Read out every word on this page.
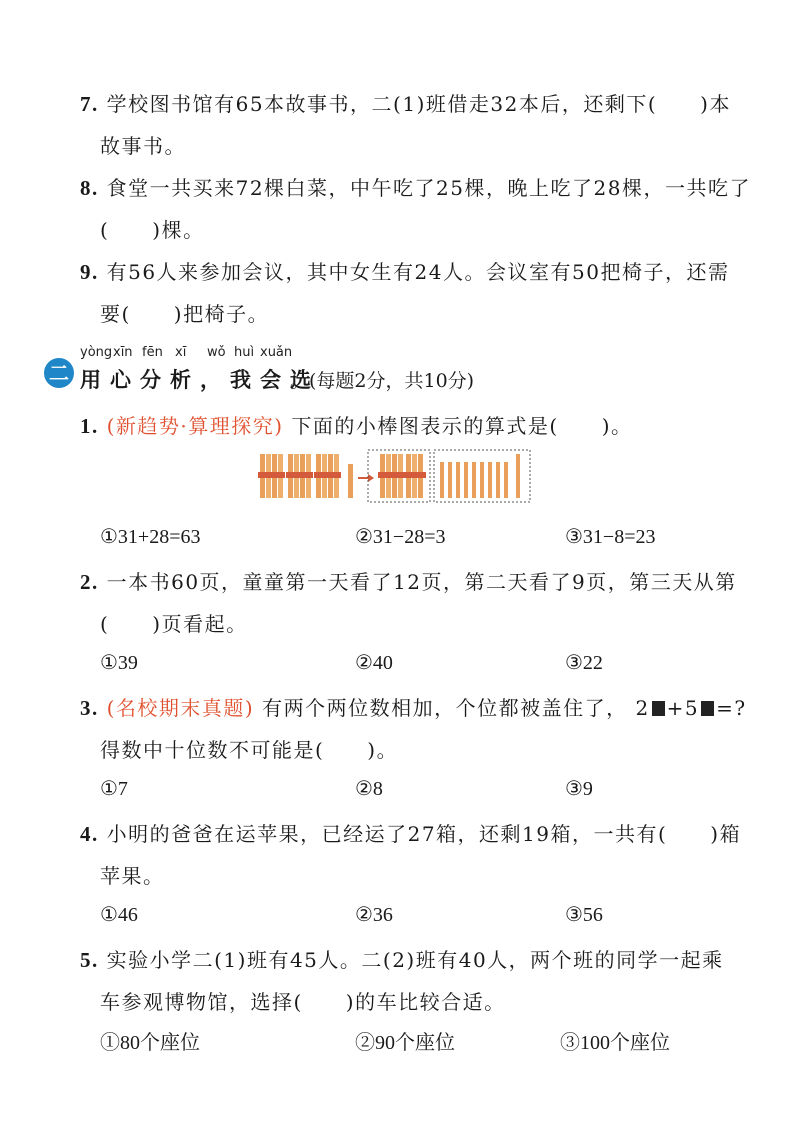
7. 学校图书馆有65本故事书，二(1)班借走32本后，还剩下(　　)本
故事书。
8. 食堂一共买来72棵白菜，中午吃了25棵，晚上吃了28棵，一共吃了
(　　)棵。
9. 有56人来参加会议，其中女生有24人。会议室有50把椅子，还需
要(　　)把椅子。
二
yòng xīn fēn xī wǒ huì xuǎn
用心分析，我会选
。(每题2分，共10分)
1. (新趋势·算理探究) 下面的小棒图表示的算式是(　　)。
①31+28=63	②31−28=3	③31−8=23
2. 一本书60页，童童第一天看了12页，第二天看了9页，第三天从第
(　　)页看起。
①39	②40	③22
3. (名校期末真题) 有两个两位数相加，个位都被盖住了， 2 +5 =?
得数中十位数不可能是(　　)。
①7	②8	③9
4. 小明的爸爸在运苹果，已经运了27箱，还剩19箱，一共有(　　)箱
苹果。
①46	②36	③56
5. 实验小学二(1)班有45人。二(2)班有40人，两个班的同学一起乘
车参观博物馆，选择(　　)的车比较合适。
①80个座位	②90个座位	③100个座位
